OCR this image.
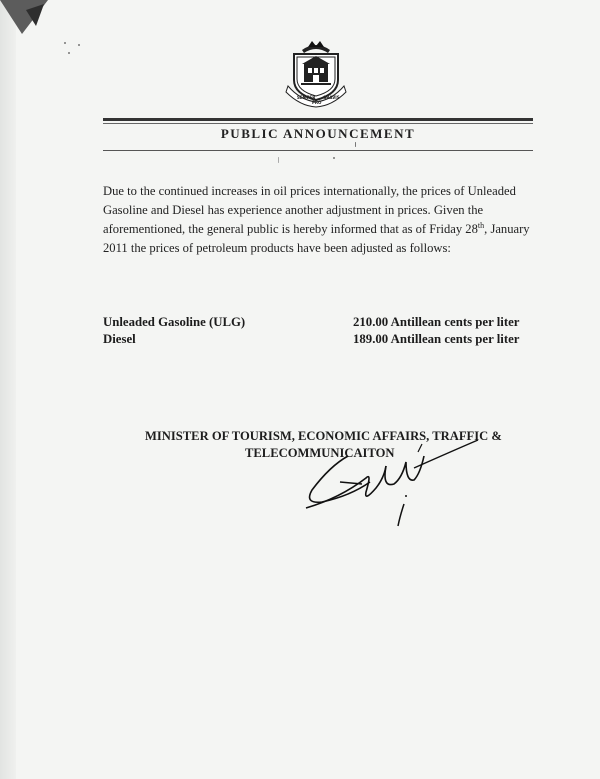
SEMPER
PRO
GRAVIS
PUBLIC ANNOUNCEMENT
Due to the continued increases in oil prices internationally, the prices of Unleaded Gasoline and Diesel has experience another adjustment in prices. Given the aforementioned, the general public is hereby informed that as of Friday 28th, January 2011 the prices of petroleum products have been adjusted as follows:
Unleaded Gasoline (ULG)	210.00 Antillean cents per liter
Diesel	189.00 Antillean cents per liter
MINISTER OF TOURISM, ECONOMIC AFFAIRS, TRAFFIC &
TELECOMMUNICAITON
